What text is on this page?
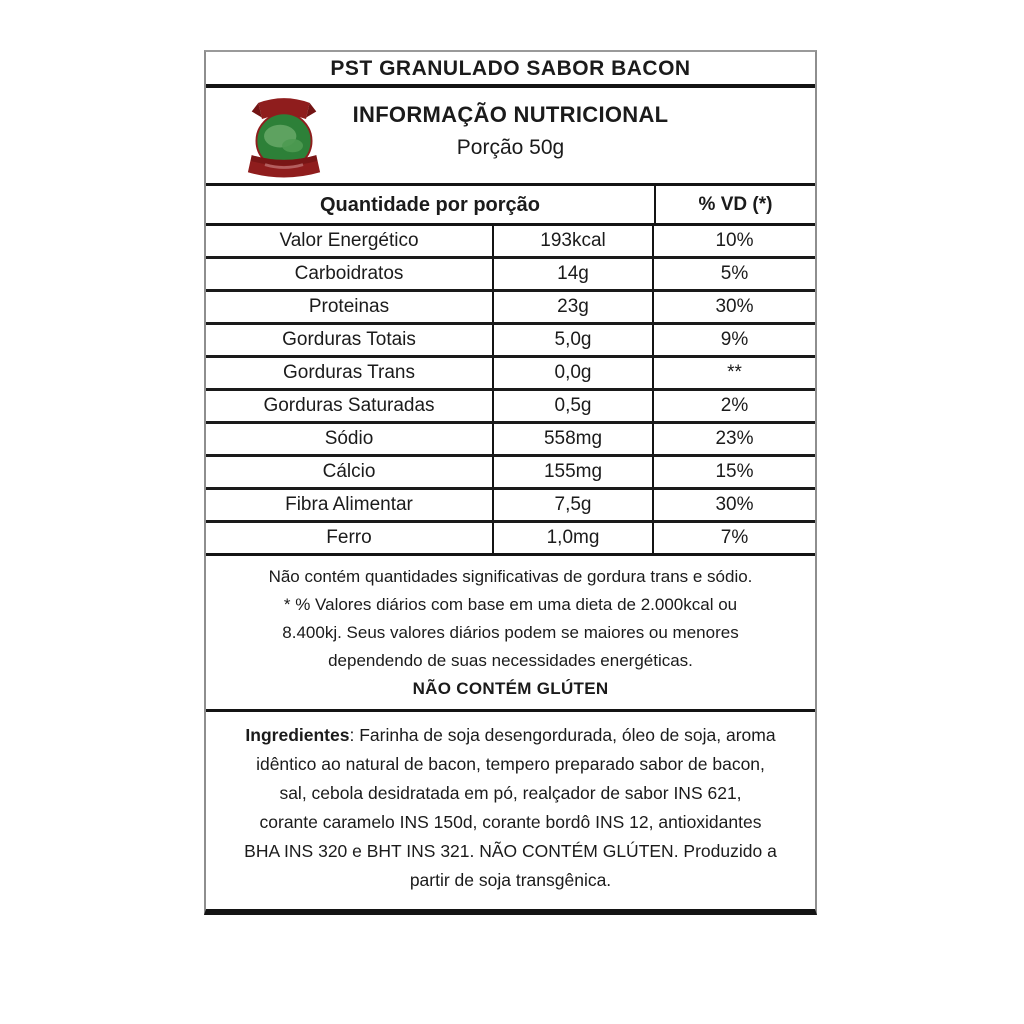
PST GRANULADO SABOR BACON
INFORMAÇÃO NUTRICIONAL
Porção 50g
Quantidade por porção	% VD (*)
Valor Energético	193kcal	10%
Carboidratos	14g	5%
Proteinas	23g	30%
Gorduras Totais	5,0g	9%
Gorduras Trans	0,0g	**
Gorduras Saturadas	0,5g	2%
Sódio	558mg	23%
Cálcio	155mg	15%
Fibra Alimentar	7,5g	30%
Ferro	1,0mg	7%
Não contém quantidades significativas de gordura trans e sódio.
* % Valores diários com base em uma dieta de 2.000kcal ou
8.400kj. Seus valores diários podem se maiores ou menores
dependendo de suas necessidades energéticas.
NÃO CONTÉM GLÚTEN
Ingredientes: Farinha de soja desengordurada, óleo de soja, aroma
idêntico ao natural de bacon, tempero preparado sabor de bacon,
sal, cebola desidratada em pó, realçador de sabor INS 621,
corante caramelo INS 150d, corante bordô INS 12, antioxidantes
BHA INS 320 e BHT INS 321. NÃO CONTÉM GLÚTEN. Produzido a
partir de soja transgênica.
